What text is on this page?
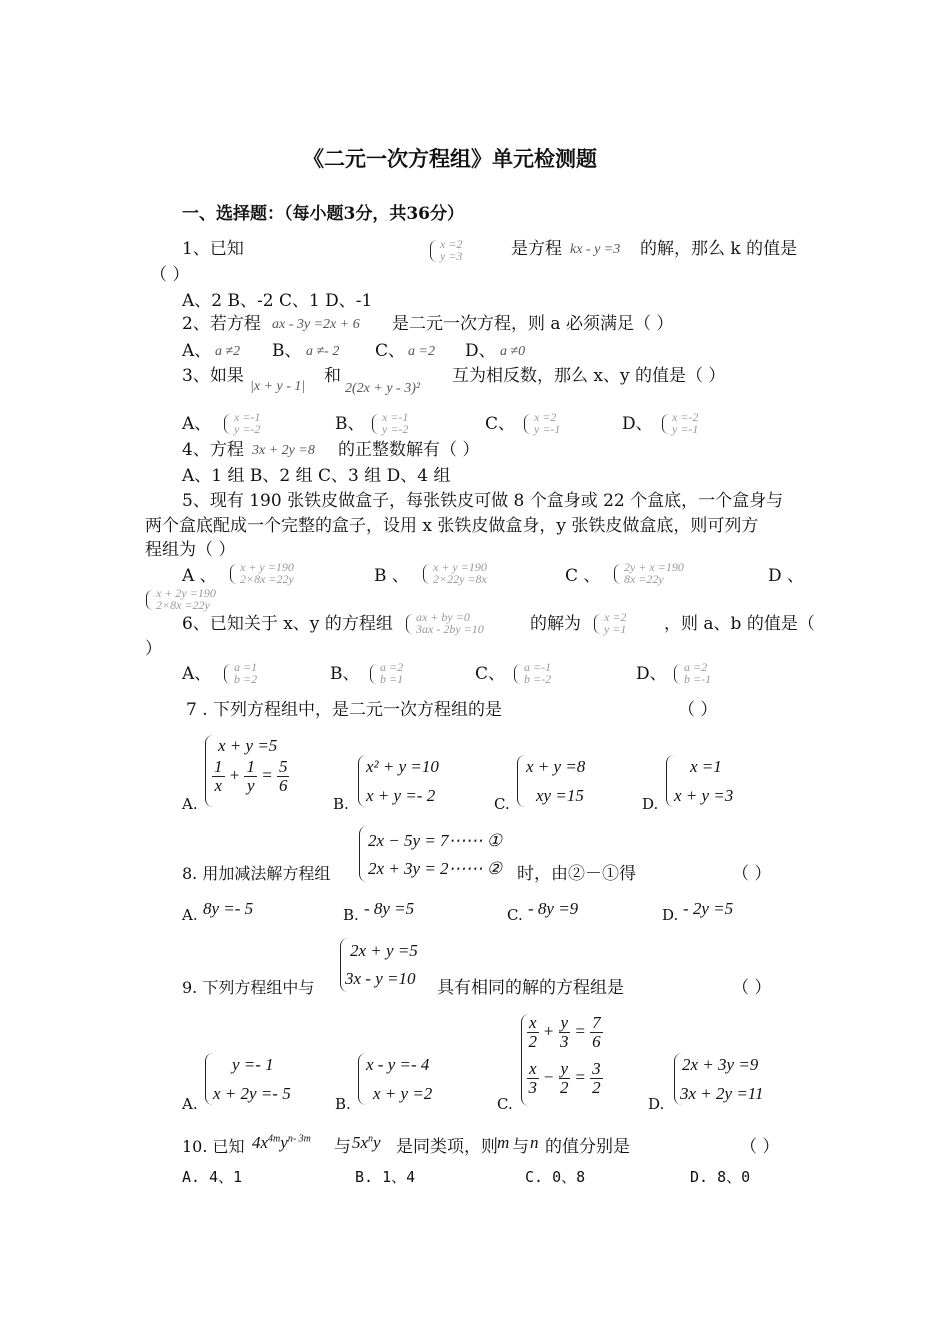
《二元一次方程组》单元检测题
一、选择题：（每小题3分，共36分）
1、已知	x =2
y =3	是方程 kx - y =3 的解，那么 k 的值是
（ ）
A、2 B、-2 C、1 D、-1
2、若方程 ax - 3y =2x + 6 是二元一次方程，则 a 必须满足（ ）
A、 a ≠2 B、 a ≠- 2 C、 a =2 D、 a ≠0
3、如果
|x + y - 1|
和
2(2x + y - 3)²
互为相反数，那么 x、y 的值是（ ）
A、 x =-1
y =-2	B、 x =-1
y =-2	C、 x =2
y =-1	D、 x =-2
y =-1
4、方程 3x + 2y =8 的正整数解有（ ）
A、1 组 B、2 组 C、3 组 D、4 组
5、现有 190 张铁皮做盒子，每张铁皮可做 8 个盒身或 22 个盒底，一个盒身与
两个盒底配成一个完整的盒子，设用 x 张铁皮做盒身，y 张铁皮做盒底，则可列方
程组为（ ）
A 、 x + y =190
2×8x =22y	B 、 x + y =190
2×22y =8x	C 、 2y + x =190
8x =22y	D 、
x + 2y =190
2×8x =22y
6、已知关于 x、y 的方程组 ax + by =0
3ax - 2by =10	的解为 x =2
y =1 ，则 a、b 的值是（
）
A、 a =1
b =2	B、 a =2
b =1	C、 a =-1
b =-2	D、 a =2
b =-1
7 . 下列方程组中，是二元一次方程组的是	（ ）
A.
x + y =5
$\frac{1}{x} + \frac{1}{y} = \frac{5}{6}$
B.
x² + y =10
x + y =- 2	C.
x + y =8
xy =15	D.
x =1
x + y =3
2x − 5y = 7⋯⋯ ①
2x + 3y = 2⋯⋯ ②
8. 用加减法解方程组	时，由②－①得	（ ）
A. 8y =- 5	B. - 8y =5	C. - 8y =9	D. - 2y =5
2x + y =5
3x - y =10
9. 下列方程组中与	具有相同的解的方程组是	（ ）
A.
y =- 1
x + 2y =- 5
B.
x - y =- 4
x + y =2
C.
$\frac{x}{2} + \frac{y}{3} = \frac{7}{6}$
$\frac{x}{3} - \frac{y}{2} = \frac{3}{2}$
D.
2x + 3y =9
3x + 2y =11
10. 已知 $4x^{4m}y^{n- 3m}$ 与 $5x^ny$ 是同类项，则 m 与 n 的值分别是	（ ）
A. 4、1	B. 1、4	C. 0、8	D. 8、0
